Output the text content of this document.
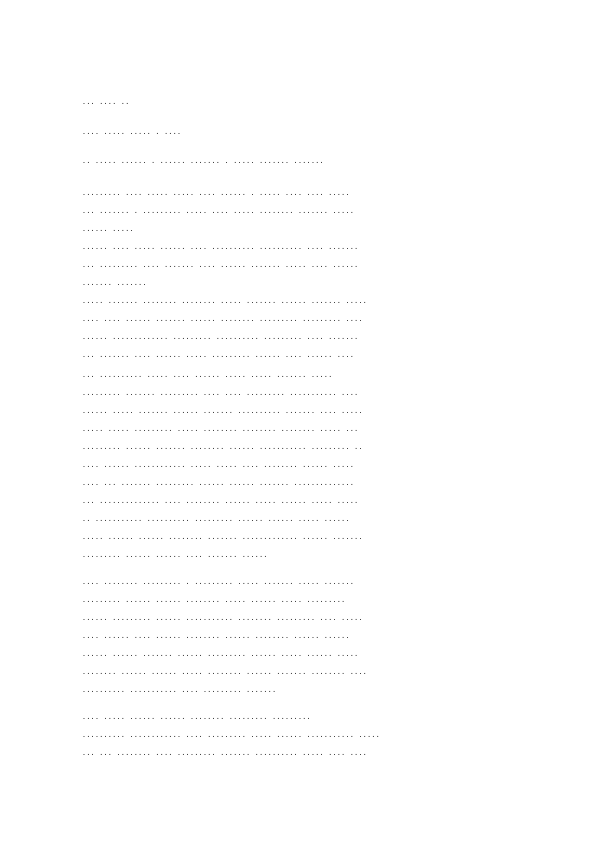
... .... ..
.... ..... ..... . ....
.. ..... ...... . ...... ....... . ..... ....... .......
......... .... ..... ..... .... ...... . ..... .... .... .....
... ....... . ......... ..... .... ..... ........ ....... .....
...... .....
...... .... ..... ...... .... .......... .......... .... .......
... ......... .... ....... .... ...... ....... ..... .... ......
....... .......
..... ....... ........ ........ ..... ....... ...... ....... .....
.... .... ...... ....... ...... ........ ......... ......... ....
...... ............. ......... .......... ......... .... .......
... ....... .... ...... ..... ......... ...... .... ...... ....
... .......... ..... .... ...... ..... ..... ....... .....
......... ....... ......... .... .... ......... ........... ....
...... ..... ....... ...... ....... .......... ....... .... .....
..... ..... ......... ..... ........ ........ ........ ..... ...
......... ...... ....... ........ ...... ........... ......... ..
.... ...... ............ ..... ..... .... ........ ...... .....
.... ... ....... ......... ...... ...... ....... ..............
... .............. .... ........ ...... ..... ...... ..... .....
.. ........... .......... ......... ...... ...... ..... ......
..... ...... ...... ........ ....... ............. ...... .......
......... ...... ...... .... ....... ......
.... ........ ......... . ......... ..... ....... ..... .......
......... ...... ...... ........ ..... ...... ..... .........
...... ......... ...... ........... ........ ......... .... .....
.... ...... .... ...... ........ ...... ........ ...... ......
...... ...... ....... ...... ......... ...... ..... ...... .....
........ ...... ...... ..... ........ ...... ....... ........ ....
.......... ........... .... ......... .......
.... ..... ...... ...... ........ ......... .........
.......... ............ .... ......... ..... ...... ........... .....
... ... ........ .... ......... ....... .......... ..... .... ....
